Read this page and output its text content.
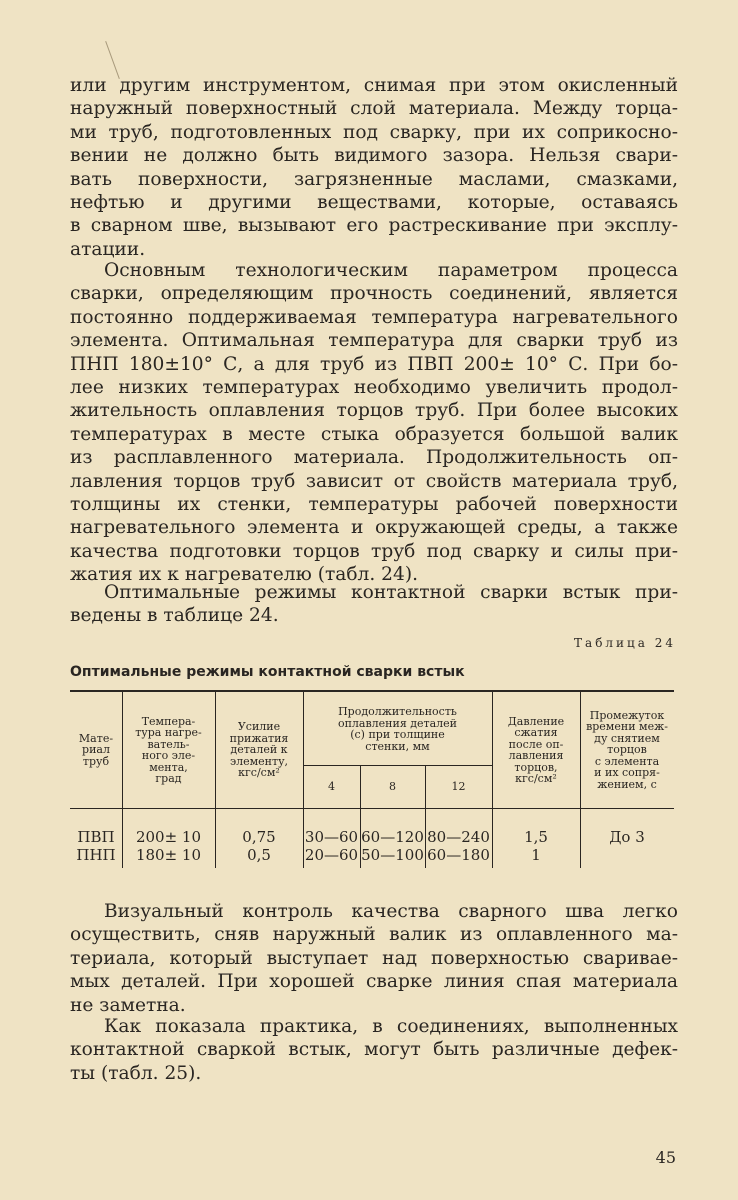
или другим инструментом, снимая при этом окисленный
наружный поверхностный слой материала. Между торца-
ми труб, подготовленных под сварку, при их соприкосно-
вении не должно быть видимого зазора. Нельзя свари-
вать поверхности, загрязненные маслами, смазками,
нефтью и другими веществами, которые, оставаясь
в сварном шве, вызывают его растрескивание при эксплу-
атации.
Основным технологическим параметром процесса
сварки, определяющим прочность соединений, является
постоянно поддерживаемая температура нагревательного
элемента. Оптимальная температура для сварки труб из
ПНП 180±10° С, а для труб из ПВП 200± 10° С. При бо-
лее низких температурах необходимо увеличить продол-
жительность оплавления торцов труб. При более высоких
температурах в месте стыка образуется большой валик
из расплавленного материала. Продолжительность оп-
лавления торцов труб зависит от свойств материала труб,
толщины их стенки, температуры рабочей поверхности
нагревательного элемента и окружающей среды, а также
качества подготовки торцов труб под сварку и силы при-
жатия их к нагревателю (табл. 24).
Оптимальные режимы контактной сварки встык при-
ведены в таблице 24.
Таблица 24
Оптимальные режимы контактной сварки встык
Мате-
риал
труб
Темпера-
тура нагре-
ватель-
ного эле-
мента,
град
Усилие
прижатия
деталей к
элементу,
кгс/см²
Продолжительность
оплавления деталей
(с) при толщине
стенки, мм
4	8	12
Давление
сжатия
после оп-
лавления
торцов,
кгс/см²
Промежуток
времени меж-
ду снятием
торцов
с элемента
и их сопря-
жением, с
ПВП	200± 10	0,75	30—60 60—120 80—240	1,5	До 3
ПНП	180± 10	0,5	20—60 50—100 60—180	1
Визуальный контроль качества сварного шва легко
осуществить, сняв наружный валик из оплавленного ма-
териала, который выступает над поверхностью свариваe-
мых деталей. При хорошей сварке линия спая материала
не заметна.
Как показала практика, в соединениях, выполненных
контактной сваркой встык, могут быть различные дефек-
ты (табл. 25).
45
